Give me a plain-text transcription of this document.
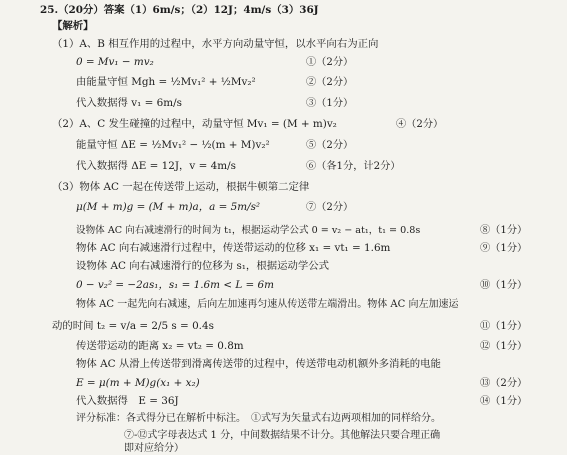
25.（20分）答案（1）6m/s；（2）12J；4m/s（3）36J
【解析】
（1）A、B 相互作用的过程中，水平方向动量守恒，以水平向右为正向
0 = Mv₁ − mv₂	①（2分）
由能量守恒 Mgh = ½Mv₁² + ½Mv₂²	②（2分）
代入数据得 v₁ = 6m/s	③（1分）
（2）A、C 发生碰撞的过程中，动量守恒 Mv₁ = (M + m)v₂	④（2分）
能量守恒 ΔE = ½Mv₁² − ½(m + M)v₂²	⑤（2分）
代入数据得 ΔE = 12J，v = 4m/s	⑥（各1分，计2分）
（3）物体 AC 一起在传送带上运动，根据牛顿第二定律
μ(M + m)g = (M + m)a，a = 5m/s²	⑦（2分）
设物体 AC 向右减速滑行的时间为 t₁，根据运动学公式 0 = v₂ − at₁，t₁ = 0.8s	⑧（1分）
物体 AC 向右减速滑行过程中，传送带运动的位移 x₁ = vt₁ = 1.6m	⑨（1分）
设物体 AC 向右减速滑行的位移为 s₁，根据运动学公式
0 − v₂² = −2as₁，s₁ = 1.6m < L = 6m	⑩（1分）
物体 AC 一起先向右减速，后向左加速再匀速从传送带左端滑出。物体 AC 向左加速运
动的时间 t₂ = v/a = 2/5 s = 0.4s	⑪（1分）
传送带运动的距离 x₂ = vt₂ = 0.8m	⑫（1分）
物体 AC 从滑上传送带到滑离传送带的过程中，传送带电动机额外多消耗的电能
E = μ(m + M)g(x₁ + x₂)	⑬（2分）
代入数据得　E = 36J	⑭（1分）
评分标准：各式得分已在解析中标注。　①式写为矢量式右边两项相加的同样给分。
⑦-⑫式字母表达式 1 分，中间数据结果不计分。其他解法只要合理正确
即对应给分）
